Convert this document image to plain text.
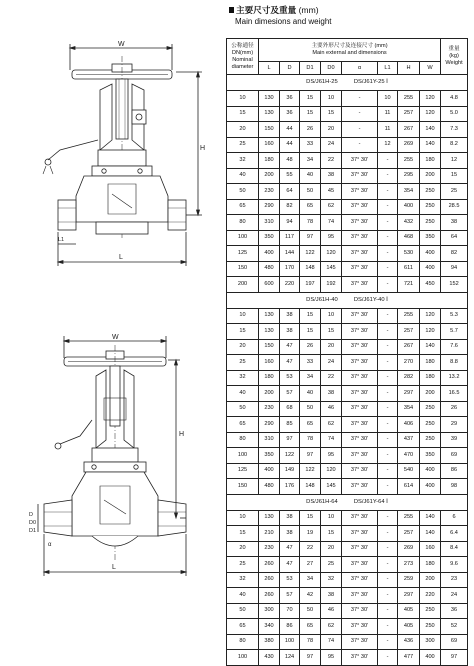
主要尺寸及重量 (mm)
Main dimesions and weight
W
H
L1
L
W
H
D
D0
D1
α
L
公称通径
DN(mm)
Nominal
diameter	主要外形尺寸及连接尺寸 (mm)
Main external and dimensions								重量
(kg)
Weight

	L	D	D1	D0	α	L1	H	W	
DS/J61H-25          DS/J61Y-25 Ⅰ									
10	130	36	15	10	-	10	255	120	4.8
15	130	36	15	15	-	11	257	120	5.0
20	150	44	26	20	-	11	267	140	7.3
25	160	44	33	24	-	12	269	140	8.2
32	180	48	34	22	37° 30'	-	255	180	12
40	200	55	40	38	37° 30'	-	295	200	15
50	230	64	50	45	37° 30'	-	354	250	25
65	290	82	65	62	37° 30'	-	400	250	28.5
80	310	94	78	74	37° 30'	-	432	250	38
100	350	117	97	95	37° 30'	-	468	350	64
125	400	144	122	120	37° 30'	-	530	400	82
150	480	170	148	145	37° 30'	-	611	400	94
200	600	220	197	192	37° 30'	-	721	450	152
DS/J61H-40          DS/J61Y-40 Ⅰ									
10	130	38	15	10	37° 30'	-	255	120	5.3
15	130	38	15	15	37° 30'	-	257	120	5.7
20	150	47	26	20	37° 30'	-	267	140	7.6
25	160	47	33	24	37° 30'	-	270	180	8.8
32	180	53	34	22	37° 30'	-	282	180	13.2
40	200	57	40	38	37° 30'	-	297	200	16.5
50	230	68	50	46	37° 30'	-	354	250	26
65	290	85	65	62	37° 30'	-	406	250	29
80	310	97	78	74	37° 30'	-	437	250	39
100	350	122	97	95	37° 30'	-	470	350	69
125	400	149	122	120	37° 30'	-	540	400	86
150	480	176	148	145	37° 30'	-	614	400	98
DS/J61H-64          DS/J61Y-64 Ⅰ									
10	130	38	15	10	37° 30'	-	255	140	6
15	210	38	19	15	37° 30'	-	257	140	6.4
20	230	47	22	20	37° 30'	-	269	160	8.4
25	260	47	27	25	37° 30'	-	273	180	9.6
32	260	53	34	32	37° 30'	-	259	200	23
40	260	57	42	38	37° 30'	-	297	220	24
50	300	70	50	46	37° 30'	-	405	250	36
65	340	86	65	62	37° 30'	-	405	250	52
80	380	100	78	74	37° 30'	-	436	300	69
100	430	124	97	95	37° 30'	-	477	400	97
